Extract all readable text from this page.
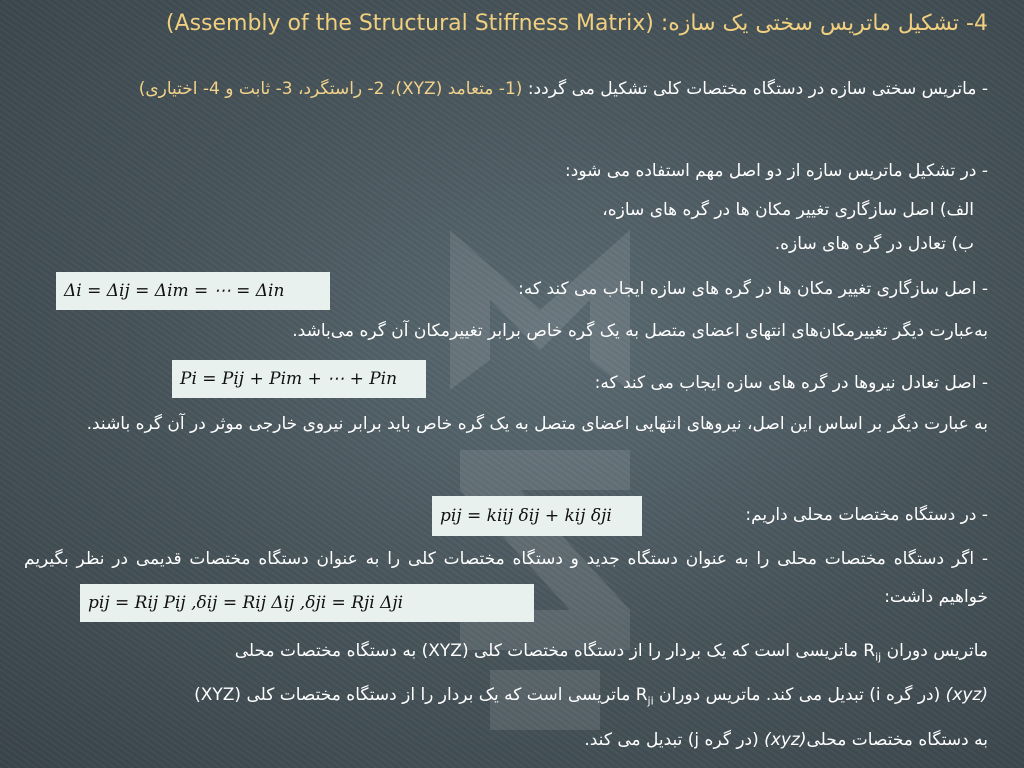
4- تشکیل ماتریس سختی یک سازه: (Assembly of the Structural Stiffness Matrix)
- ماتریس سختی سازه در دستگاه مختصات کلی تشکیل می گردد: (1- متعامد (XYZ)، 2- راستگرد، 3- ثابت و 4- اختیاری)
- در تشکیل ماتریس سازه از دو اصل مهم استفاده می شود:
الف) اصل سازگاری تغییر مکان ها در گره های سازه،
ب) تعادل در گره های سازه.
- اصل سازگاری تغییر مکان ها در گره های سازه ایجاب می کند که:
Δi = Δij = Δim = ⋯ = Δin
به‌عبارت دیگر تغییرمکان‌های انتهای اعضای متصل به یک گره خاص برابر تغییرمکان آن گره می‌باشد.
- اصل تعادل نیروها در گره های سازه ایجاب می کند که:
Pi = Pij + Pim + ⋯ + Pin
به عبارت دیگر بر اساس این اصل، نیروهای انتهایی اعضای متصل به یک گره خاص باید برابر نیروی خارجی موثر در آن گره باشند.
- در دستگاه مختصات محلی داریم:
pij = kiij δij + kij δji
- اگر دستگاه مختصات محلی را به عنوان دستگاه جدید و دستگاه مختصات کلی را به عنوان دستگاه مختصات قدیمی در نظر بگیریم خواهیم داشت:
pij = Rij Pij ,δij = Rij Δij ,δji = Rji Δji
ماتریس دوران $R_{ij}$ ماتریسی است که یک بردار را از دستگاه مختصات کلی (XYZ) به دستگاه مختصات محلی
(xyz) (در گره i) تبدیل می کند. ماتریس دوران $R_{ji}$ ماتریسی است که یک بردار را از دستگاه مختصات کلی (XYZ)
به دستگاه مختصات محلی(xyz) (در گره j) تبدیل می کند.
